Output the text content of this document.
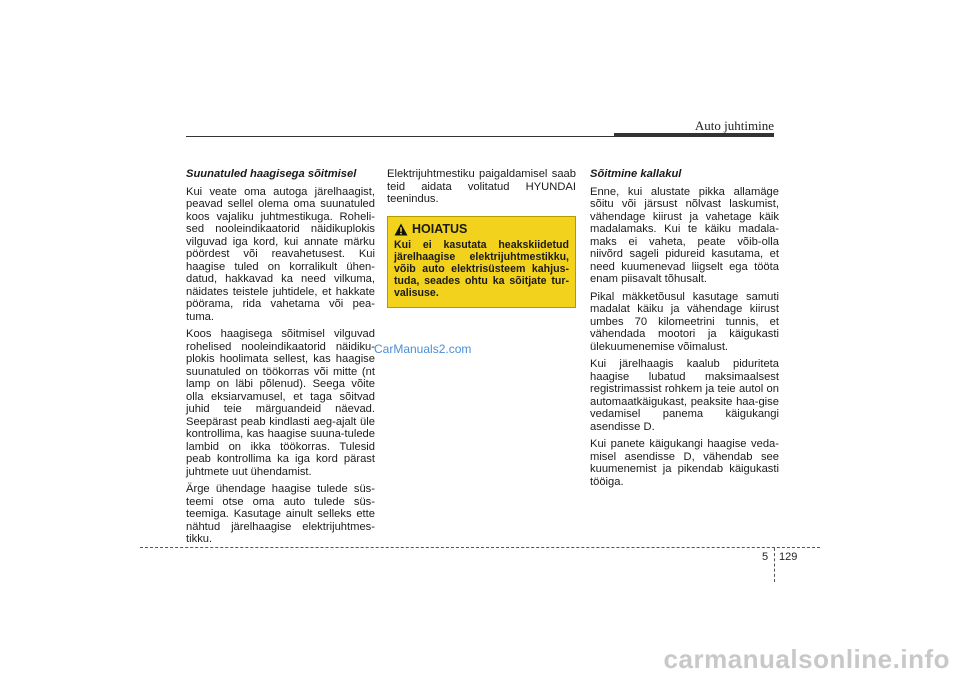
Auto juhtimine

Suunatuled haagisega sõitmisel

Kui veate oma autoga järelhaagist, peavad sellel olema oma suunatuled koos vajaliku juhtmestikuga. Roheli-sed nooleindikaatorid näidikuplokis vilguvad iga kord, kui annate märku pöördest või reavahetusest. Kui haagise tuled on korralikult ühen-datud, hakkavad ka need vilkuma, näidates teistele juhtidele, et hakkate pöörama, rida vahetama või pea-tuma.

Koos haagisega sõitmisel vilguvad rohelised nooleindikaatorid näidiku-plokis hoolimata sellest, kas haagise suunatuled on töökorras või mitte (nt lamp on läbi põlenud). Seega võite olla eksiarvamusel, et taga sõitvad juhid teie märguandeid näevad. Seepärast peab kindlasti aeg-ajalt üle kontrollima, kas haagise suuna-tulede lambid on ikka töökorras. Tulesid peab kontrollima ka iga kord pärast juhtmete uut ühendamist.

Ärge ühendage haagise tulede süs-teemi otse oma auto tulede süs-teemiga. Kasutage ainult selleks ette nähtud järelhaagise elektrijuhtmes-tikku.

Elektrijuhtmestiku paigaldamisel saab teid aidata volitatud HYUNDAI teenindus.

HOIATUS
Kui ei kasutata heakskiidetud järelhaagise elektrijuhtmestikku, võib auto elektrisüsteem kahjus-tuda, seades ohtu ka sõitjate tur-valisuse.

Sõitmine kallakul

Enne, kui alustate pikka allamäge sõitu või järsust nõlvast laskumist, vähendage kiirust ja vahetage käik madalamaks. Kui te käiku madala-maks ei vaheta, peate võib-olla niivõrd sageli pidureid kasutama, et need kuumenevad liigselt ega tööta enam piisavalt tõhusalt.

Pikal mäkketõusul kasutage samuti madalat käiku ja vähendage kiirust umbes 70 kilomeetrini tunnis, et vähendada mootori ja käigukasti ülekuumenemise võimalust.

Kui järelhaagis kaalub piduriteta haagise lubatud maksimaalsest registrimassist rohkem ja teie autol on automaatkäigukast, peaksite haa-gise vedamisel panema käigukangi asendisse D.

Kui panete käigukangi haagise veda-misel asendisse D, vähendab see kuumenemist ja pikendab käigukasti tööiga.

CarManuals2.com
5 129
carmanualsonline.info
